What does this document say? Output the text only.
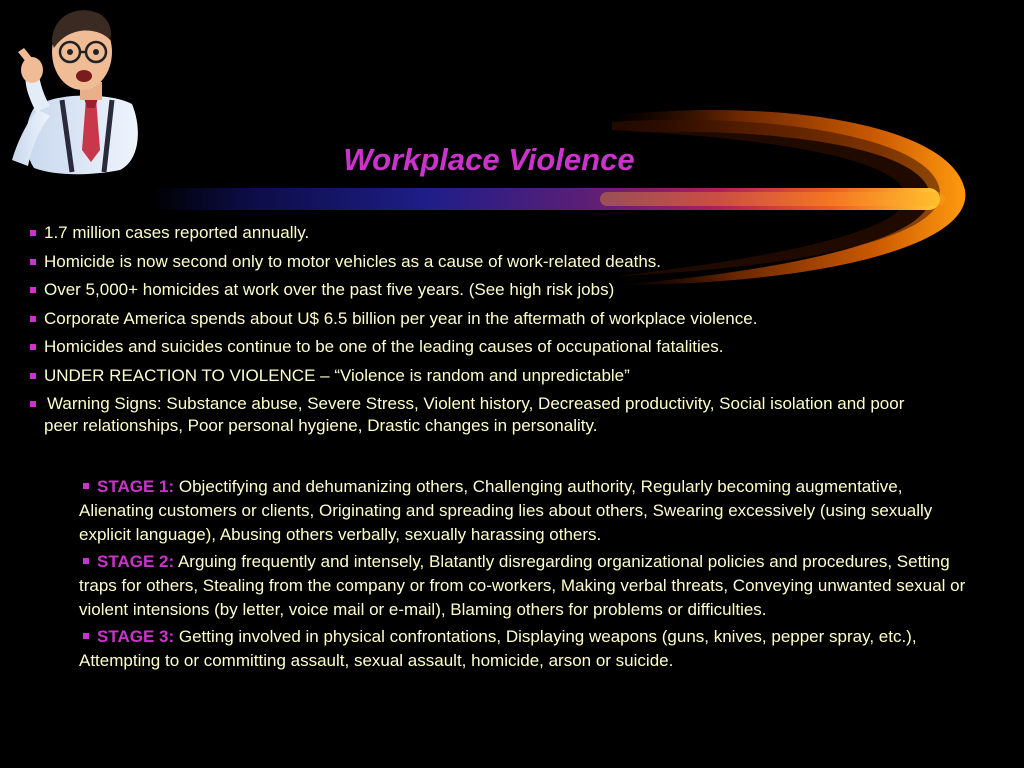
Workplace Violence
1.7 million cases reported annually.
Homicide is now second only to motor vehicles as a cause of work-related deaths.
Over 5,000+ homicides at work over the past five years. (See high risk jobs)
Corporate America spends about U$ 6.5 billion per year in the aftermath of workplace violence.
Homicides and suicides continue to be one of the leading causes of occupational fatalities.
UNDER REACTION TO VIOLENCE – “Violence is random and unpredictable”
Warning Signs: Substance abuse, Severe Stress, Violent history, Decreased productivity, Social isolation and poor peer relationships, Poor personal hygiene, Drastic changes in personality.
STAGE 1: Objectifying and dehumanizing others, Challenging authority, Regularly becoming augmentative, Alienating customers or clients, Originating and spreading lies about others, Swearing excessively (using sexually explicit language), Abusing others verbally, sexually harassing others.
STAGE 2: Arguing frequently and intensely, Blatantly disregarding organizational policies and procedures, Setting traps for others, Stealing from the company or from co-workers, Making verbal threats, Conveying unwanted sexual or violent intensions (by letter, voice mail or e-mail), Blaming others for problems or difficulties.
STAGE 3: Getting involved in physical confrontations, Displaying weapons (guns, knives, pepper spray, etc.), Attempting to or committing assault, sexual assault, homicide, arson or suicide.
